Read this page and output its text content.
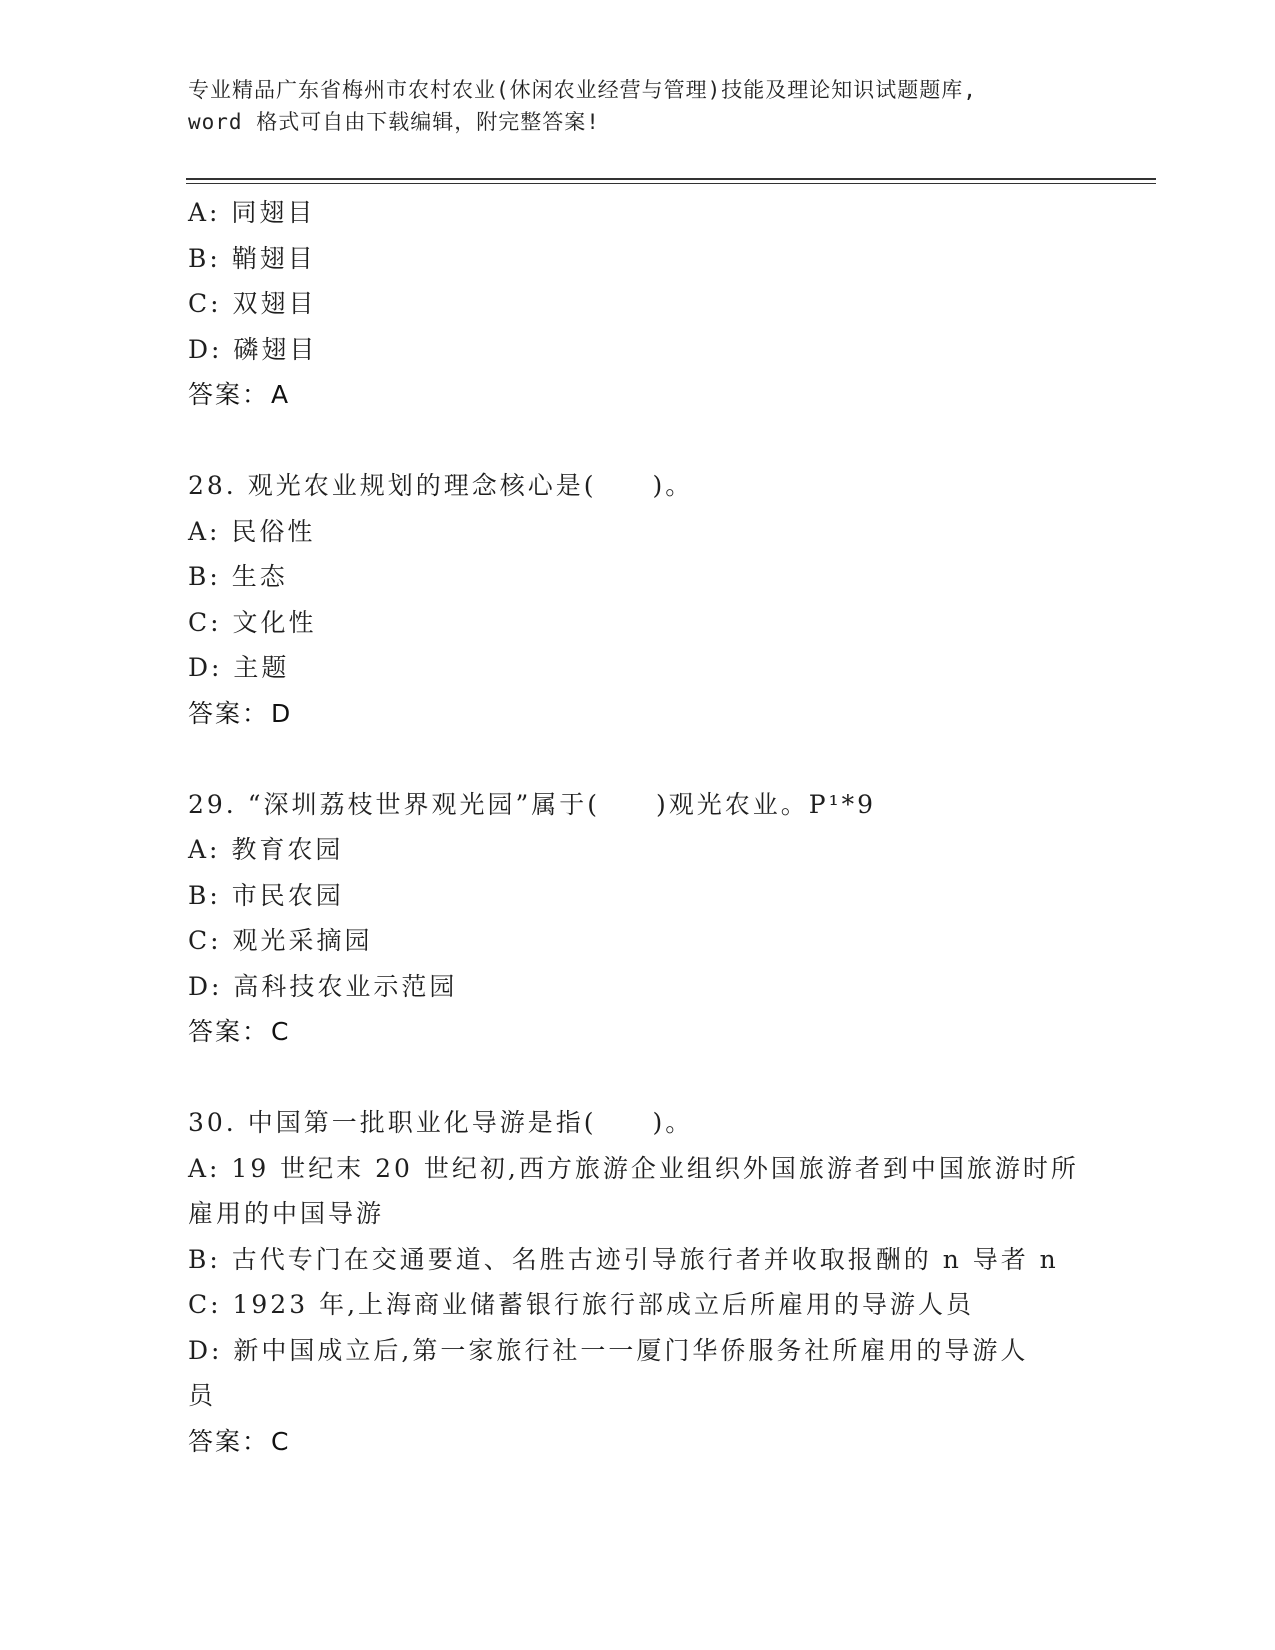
专业精品广东省梅州市农村农业(休闲农业经营与管理)技能及理论知识试题题库,
word 格式可自由下载编辑，附完整答案!
A: 同翅目
B: 鞘翅目
C: 双翅目
D: 磷翅目
答案：A
28. 观光农业规划的理念核心是(　　)。
A: 民俗性
B: 生态
C: 文化性
D: 主题
答案：D
29. “深圳荔枝世界观光园”属于(　　)观光农业。P¹*9
A: 教育农园
B: 市民农园
C: 观光采摘园
D: 高科技农业示范园
答案：C
30. 中国第一批职业化导游是指(　　)。
A: 19 世纪末 20 世纪初,西方旅游企业组织外国旅游者到中国旅游时所
雇用的中国导游
B: 古代专门在交通要道、名胜古迹引导旅行者并收取报酬的 n 导者 n
C: 1923 年,上海商业储蓄银行旅行部成立后所雇用的导游人员
D: 新中国成立后,第一家旅行社一一厦门华侨服务社所雇用的导游人
员
答案：C
